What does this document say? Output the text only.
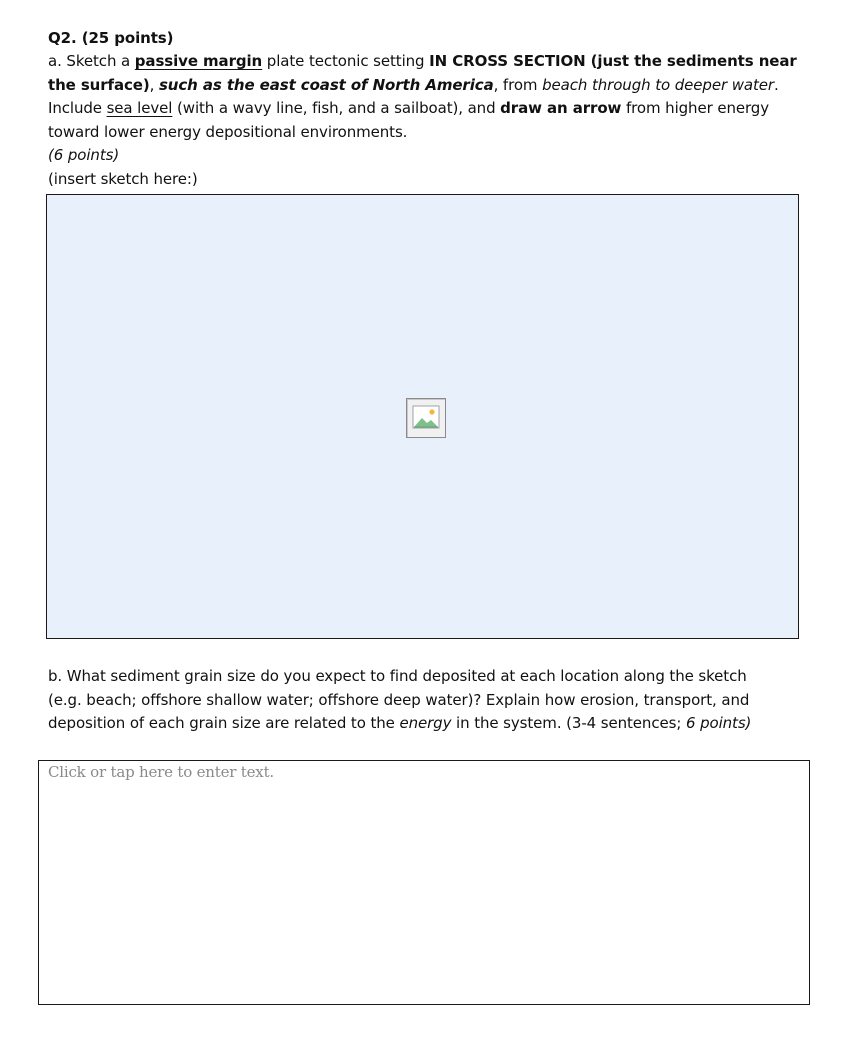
Q2. (25 points)
a. Sketch a passive margin plate tectonic setting IN CROSS SECTION (just the sediments near
the surface), such as the east coast of North America, from beach through to deeper water.
Include sea level (with a wavy line, fish, and a sailboat), and draw an arrow from higher energy
toward lower energy depositional environments.
(6 points)
(insert sketch here:)
b. What sediment grain size do you expect to find deposited at each location along the sketch
(e.g. beach; offshore shallow water; offshore deep water)? Explain how erosion, transport, and
deposition of each grain size are related to the energy in the system. (3-4 sentences; 6 points)
Click or tap here to enter text.
